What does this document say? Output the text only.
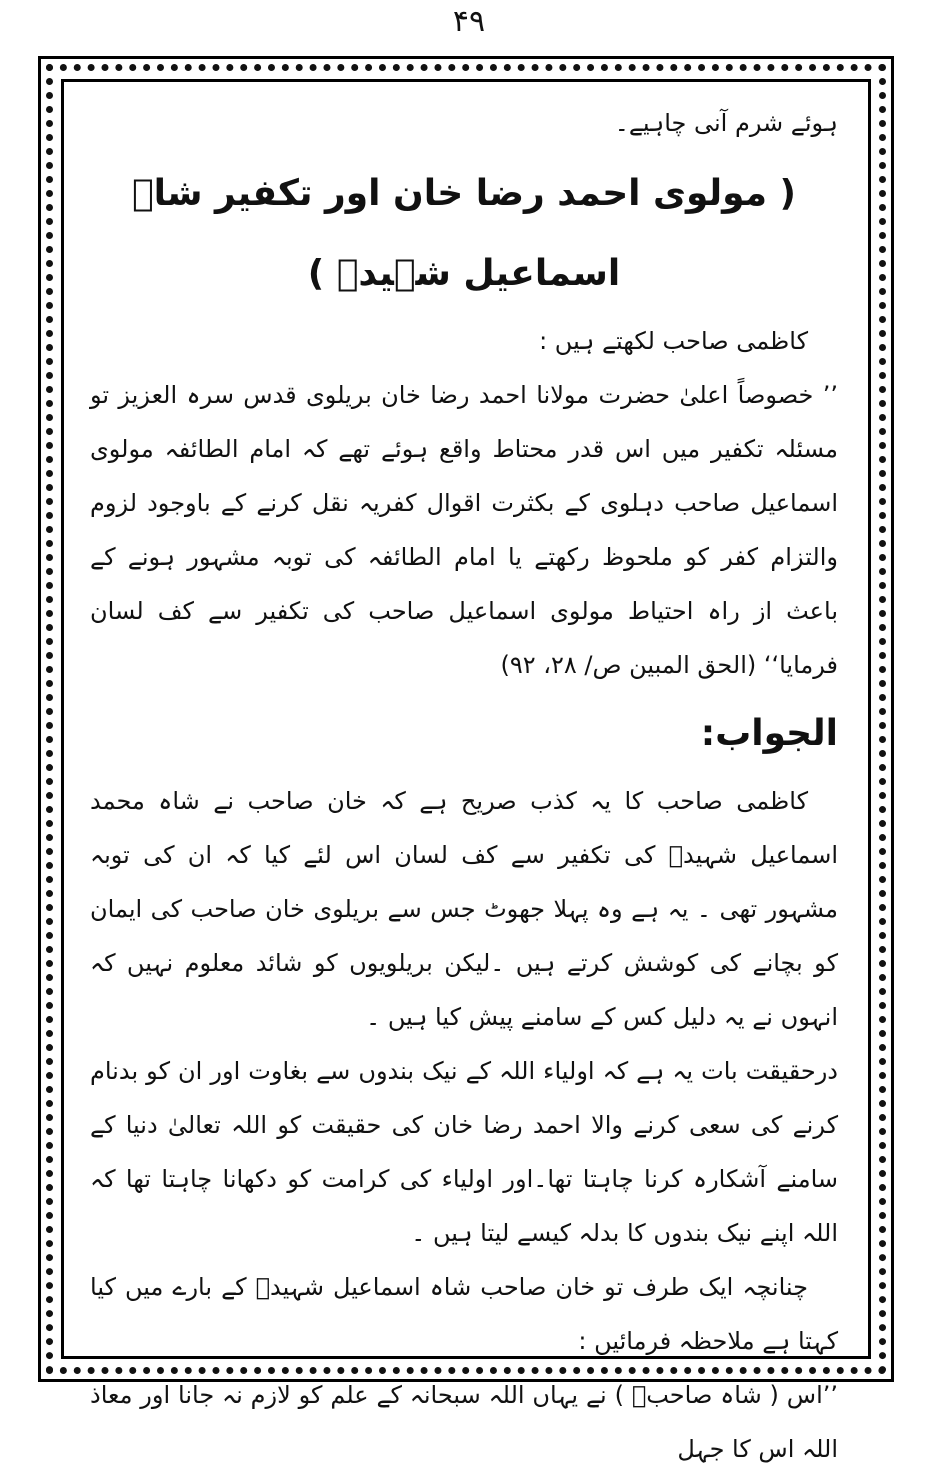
۴۹

ہوئے شرم آنی چاہیے۔

( مولوی احمد رضا خان اور تکفیر شاہ اسماعیل شہیدؒ )

کاظمی صاحب لکھتے ہیں :

’’ خصوصاً اعلیٰ حضرت مولانا احمد رضا خان بریلوی قدس سرہ العزیز تو مسئلہ تکفیر میں اس قدر محتاط واقع ہوئے تھے کہ امام الطائفہ مولوی اسماعیل صاحب دہلوی کے بکثرت اقوال کفریہ نقل کرنے کے باوجود لزوم والتزام کفر کو ملحوظ رکھتے یا امام الطائفہ کی توبہ مشہور ہونے کے باعث از راہ احتیاط مولوی اسماعیل صاحب کی تکفیر سے کف لسان فرمایا‘‘ (الحق المبین ص/ ۲۸، ۹۲)

الجواب:

کاظمی صاحب کا یہ کذب صریح ہے کہ خان صاحب نے شاہ محمد اسماعیل شہیدؒ کی تکفیر سے کف لسان اس لئے کیا کہ ان کی توبہ مشہور تھی ۔ یہ ہے وہ پہلا جھوٹ جس سے بریلوی خان صاحب کی ایمان کو بچانے کی کوشش کرتے ہیں ۔لیکن بریلویوں کو شائد معلوم نہیں کہ انہوں نے یہ دلیل کس کے سامنے پیش کیا ہیں ۔

درحقیقت بات یہ ہے کہ اولیاء اللہ کے نیک بندوں سے بغاوت اور ان کو بدنام کرنے کی سعی کرنے والا احمد رضا خان کی حقیقت کو اللہ تعالیٰ دنیا کے سامنے آشکارہ کرنا چاہتا تھا۔اور اولیاء کی کرامت کو دکھانا چاہتا تھا کہ اللہ اپنے نیک بندوں کا بدلہ کیسے لیتا ہیں ۔

چنانچہ ایک طرف تو خان صاحب شاہ اسماعیل شہیدؒ کے بارے میں کیا کہتا ہے ملاحظہ فرمائیں :

’’اس ( شاہ صاحبؒ ) نے یہاں اللہ سبحانہ کے علم کو لازم نہ جانا اور معاذ اللہ اس کا جہل
